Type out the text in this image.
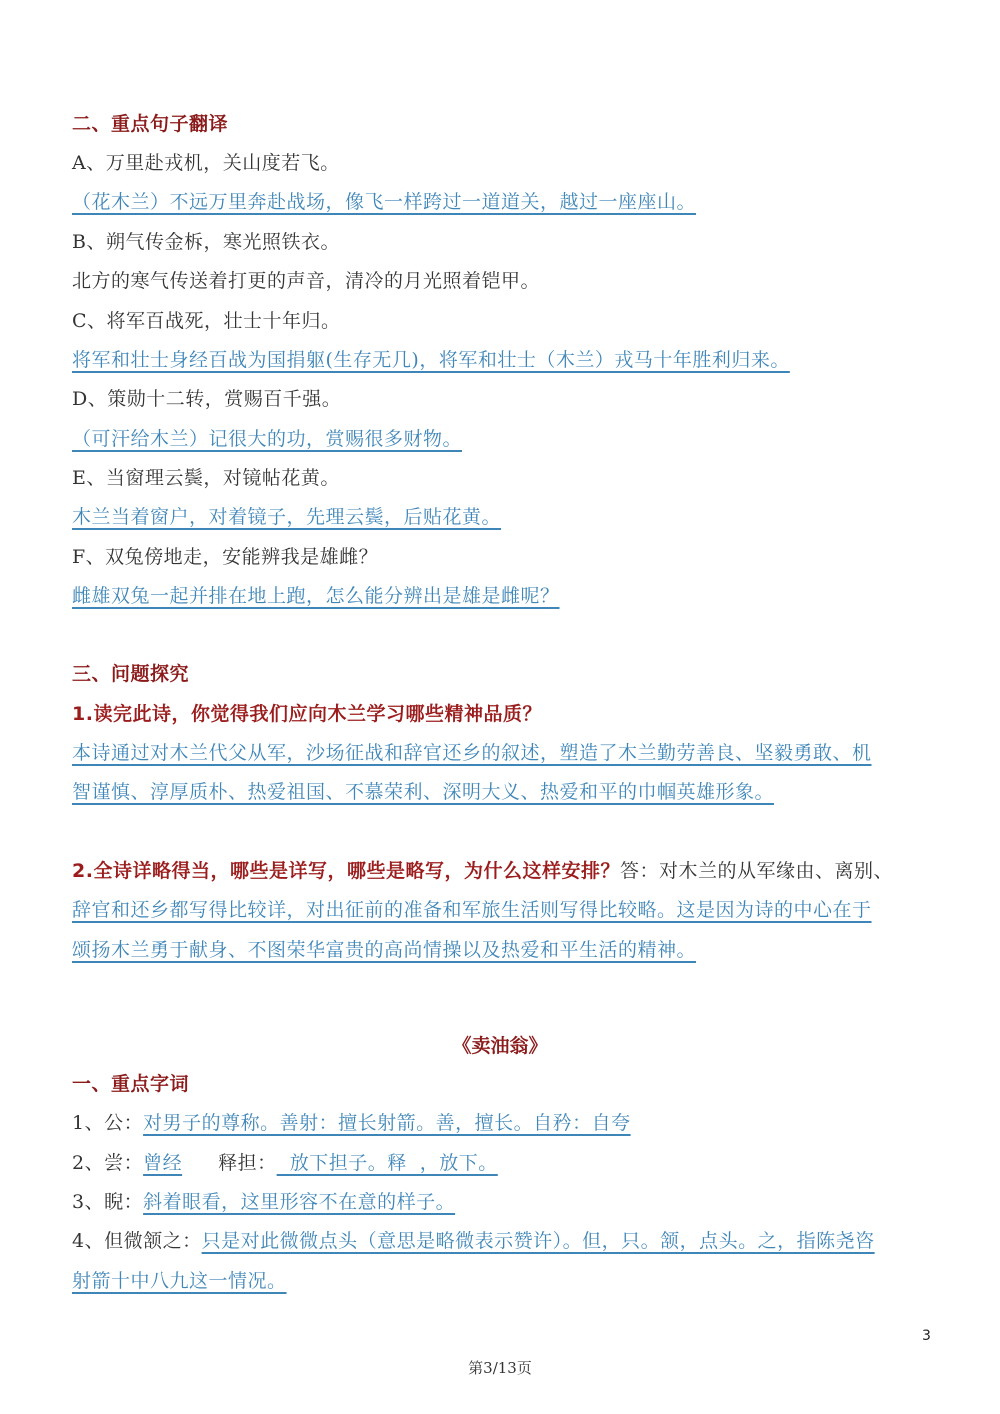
二、重点句子翻译
A、万里赴戎机，关山度若飞。
（花木兰）不远万里奔赴战场，像飞一样跨过一道道关，越过一座座山。
B、朔气传金柝，寒光照铁衣。
北方的寒气传送着打更的声音，清冷的月光照着铠甲。
C、将军百战死，壮士十年归。
将军和壮士身经百战为国捐躯(生存无几)，将军和壮士（木兰）戎马十年胜利归来。
D、策勋十二转，赏赐百千强。
（可汗给木兰）记很大的功，赏赐很多财物。
E、当窗理云鬓，对镜帖花黄。
木兰当着窗户，对着镜子，先理云鬓，后贴花黄。
F、双兔傍地走，安能辨我是雄雌？
雌雄双兔一起并排在地上跑，怎么能分辨出是雄是雌呢？
三、问题探究
1.读完此诗，你觉得我们应向木兰学习哪些精神品质？
本诗通过对木兰代父从军，沙场征战和辞官还乡的叙述，塑造了木兰勤劳善良、坚毅勇敢、机
智谨慎、淳厚质朴、热爱祖国、不慕荣利、深明大义、热爱和平的巾帼英雄形象。
2.全诗详略得当，哪些是详写，哪些是略写，为什么这样安排？答：对木兰的从军缘由、离别、
辞官和还乡都写得比较详，对出征前的准备和军旅生活则写得比较略。这是因为诗的中心在于
颂扬木兰勇于献身、不图荣华富贵的高尚情操以及热爱和平生活的精神。
《卖油翁》
一、重点字词
1、公：对男子的尊称。善射：擅长射箭。善，擅长。自矜：自夸
2、尝：曾经 释担：  放下担子。释  ，放下。
3、睨：斜着眼看，这里形容不在意的样子。
4、但微颔之：只是对此微微点头（意思是略微表示赞许）。但，只。颔，点头。之，指陈尧咨
射箭十中八九这一情况。
3
第3/13页
